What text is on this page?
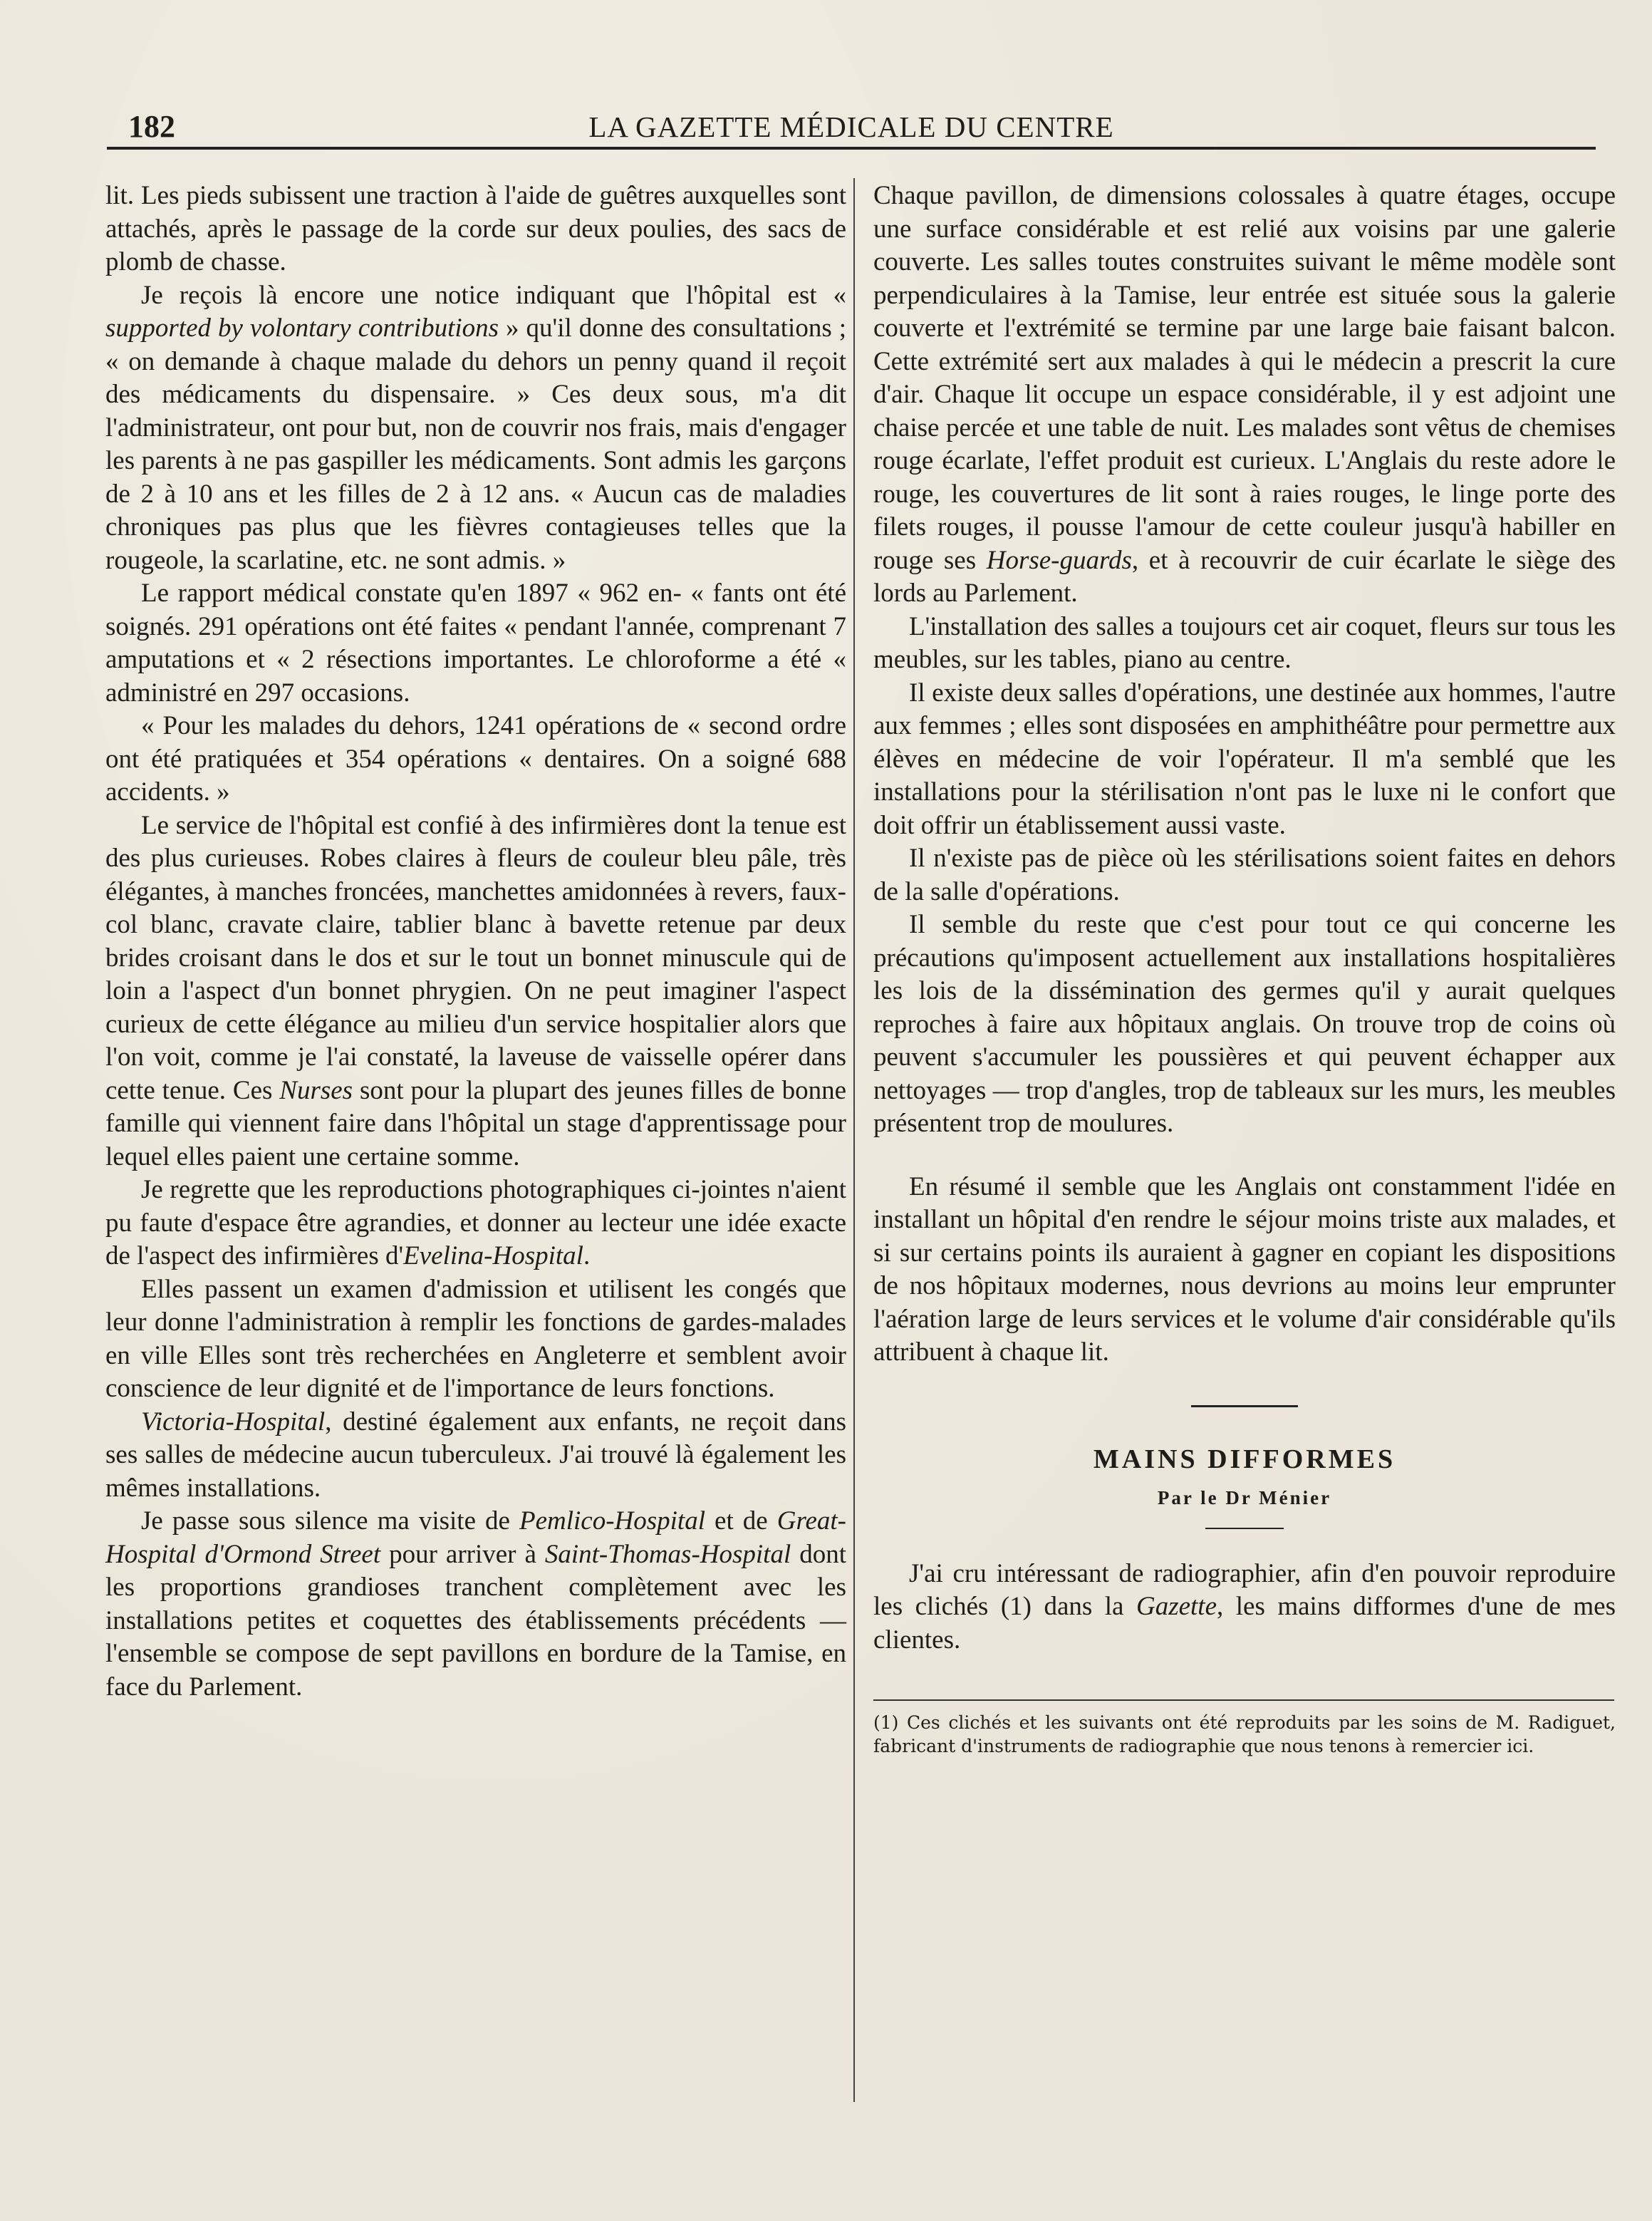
182	LA GAZETTE MÉDICALE DU CENTRE

lit. Les pieds subissent une traction à l'aide de guêtres auxquelles sont attachés, après le passage de la corde sur deux poulies, des sacs de plomb de chasse.

Je reçois là encore une notice indiquant que l'hôpital est « supported by volontary contributions » qu'il donne des consultations ; « on demande à chaque malade du dehors un penny quand il reçoit des médicaments du dispensaire. » Ces deux sous, m'a dit l'administrateur, ont pour but, non de couvrir nos frais, mais d'engager les parents à ne pas gaspiller les médicaments. Sont admis les garçons de 2 à 10 ans et les filles de 2 à 12 ans. « Aucun cas de maladies chroniques pas plus que les fièvres contagieuses telles que la rougeole, la scarlatine, etc. ne sont admis. »

Le rapport médical constate qu'en 1897 « 962 en- « fants ont été soignés. 291 opérations ont été faites « pendant l'année, comprenant 7 amputations et « 2 résections importantes. Le chloroforme a été « administré en 297 occasions.

« Pour les malades du dehors, 1241 opérations de « second ordre ont été pratiquées et 354 opérations « dentaires. On a soigné 688 accidents. »

Le service de l'hôpital est confié à des infirmières dont la tenue est des plus curieuses. Robes claires à fleurs de couleur bleu pâle, très élégantes, à manches froncées, manchettes amidonnées à revers, faux-col blanc, cravate claire, tablier blanc à bavette retenue par deux brides croisant dans le dos et sur le tout un bonnet minuscule qui de loin a l'aspect d'un bonnet phrygien. On ne peut imaginer l'aspect curieux de cette élégance au milieu d'un service hospitalier alors que l'on voit, comme je l'ai constaté, la laveuse de vaisselle opérer dans cette tenue. Ces Nurses sont pour la plupart des jeunes filles de bonne famille qui viennent faire dans l'hôpital un stage d'apprentissage pour lequel elles paient une certaine somme.

Je regrette que les reproductions photographiques ci-jointes n'aient pu faute d'espace être agrandies, et donner au lecteur une idée exacte de l'aspect des infirmières d'Evelina-Hospital.

Elles passent un examen d'admission et utilisent les congés que leur donne l'administration à remplir les fonctions de gardes-malades en ville Elles sont très recherchées en Angleterre et semblent avoir conscience de leur dignité et de l'importance de leurs fonctions.

Victoria-Hospital, destiné également aux enfants, ne reçoit dans ses salles de médecine aucun tuberculeux. J'ai trouvé là également les mêmes installations.

Je passe sous silence ma visite de Pemlico-Hospital et de Great-Hospital d'Ormond Street pour arriver à Saint-Thomas-Hospital dont les proportions grandioses tranchent complètement avec les installations petites et coquettes des établissements précédents — l'ensemble se compose de sept pavillons en bordure de la Tamise, en face du Parlement.

Chaque pavillon, de dimensions colossales à quatre étages, occupe une surface considérable et est relié aux voisins par une galerie couverte. Les salles toutes construites suivant le même modèle sont perpendiculaires à la Tamise, leur entrée est située sous la galerie couverte et l'extrémité se termine par une large baie faisant balcon. Cette extrémité sert aux malades à qui le médecin a prescrit la cure d'air. Chaque lit occupe un espace considérable, il y est adjoint une chaise percée et une table de nuit. Les malades sont vêtus de chemises rouge écarlate, l'effet produit est curieux. L'Anglais du reste adore le rouge, les couvertures de lit sont à raies rouges, le linge porte des filets rouges, il pousse l'amour de cette couleur jusqu'à habiller en rouge ses Horse-guards, et à recouvrir de cuir écarlate le siège des lords au Parlement.

L'installation des salles a toujours cet air coquet, fleurs sur tous les meubles, sur les tables, piano au centre.

Il existe deux salles d'opérations, une destinée aux hommes, l'autre aux femmes ; elles sont disposées en amphithéâtre pour permettre aux élèves en médecine de voir l'opérateur. Il m'a semblé que les installations pour la stérilisation n'ont pas le luxe ni le confort que doit offrir un établissement aussi vaste.

Il n'existe pas de pièce où les stérilisations soient faites en dehors de la salle d'opérations.

Il semble du reste que c'est pour tout ce qui concerne les précautions qu'imposent actuellement aux installations hospitalières les lois de la dissémination des germes qu'il y aurait quelques reproches à faire aux hôpitaux anglais. On trouve trop de coins où peuvent s'accumuler les poussières et qui peuvent échapper aux nettoyages — trop d'angles, trop de tableaux sur les murs, les meubles présentent trop de moulures.

En résumé il semble que les Anglais ont constamment l'idée en installant un hôpital d'en rendre le séjour moins triste aux malades, et si sur certains points ils auraient à gagner en copiant les dispositions de nos hôpitaux modernes, nous devrions au moins leur emprunter l'aération large de leurs services et le volume d'air considérable qu'ils attribuent à chaque lit.

MAINS DIFFORMES
Par le Dr Ménier

J'ai cru intéressant de radiographier, afin d'en pouvoir reproduire les clichés (1) dans la Gazette, les mains difformes d'une de mes clientes.

(1) Ces clichés et les suivants ont été reproduits par les soins de M. Radiguet, fabricant d'instruments de radiographie que nous tenons à remercier ici.
